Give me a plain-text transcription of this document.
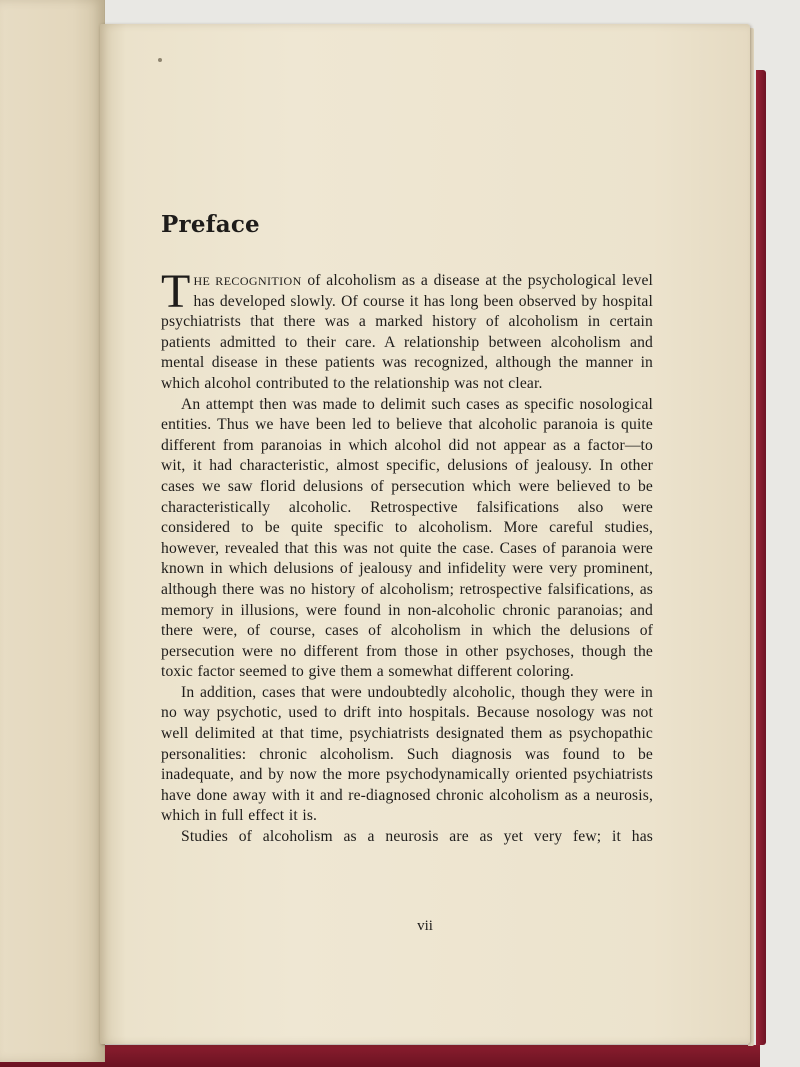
Preface

THE RECOGNITION of alcoholism as a disease at the psychological level has developed slowly. Of course it has long been observed by hospital psychiatrists that there was a marked history of alcoholism in certain patients admitted to their care. A relationship between alcoholism and mental disease in these patients was recognized, although the manner in which alcohol contributed to the relationship was not clear.

An attempt then was made to delimit such cases as specific nosological entities. Thus we have been led to believe that alcoholic paranoia is quite different from paranoias in which alcohol did not appear as a factor—to wit, it had characteristic, almost specific, delusions of jealousy. In other cases we saw florid delusions of persecution which were believed to be characteristically alcoholic. Retrospective falsifications also were considered to be quite specific to alcoholism. More careful studies, however, revealed that this was not quite the case. Cases of paranoia were known in which delusions of jealousy and infidelity were very prominent, although there was no history of alcoholism; retrospective falsifications, as memory in illusions, were found in non-alcoholic chronic paranoias; and there were, of course, cases of alcoholism in which the delusions of persecution were no different from those in other psychoses, though the toxic factor seemed to give them a somewhat different coloring.

In addition, cases that were undoubtedly alcoholic, though they were in no way psychotic, used to drift into hospitals. Because nosology was not well delimited at that time, psychiatrists designated them as psychopathic personalities: chronic alcoholism. Such diagnosis was found to be inadequate, and by now the more psychodynamically oriented psychiatrists have done away with it and re-diagnosed chronic alcoholism as a neurosis, which in full effect it is.

Studies of alcoholism as a neurosis are as yet very few; it has

vii
